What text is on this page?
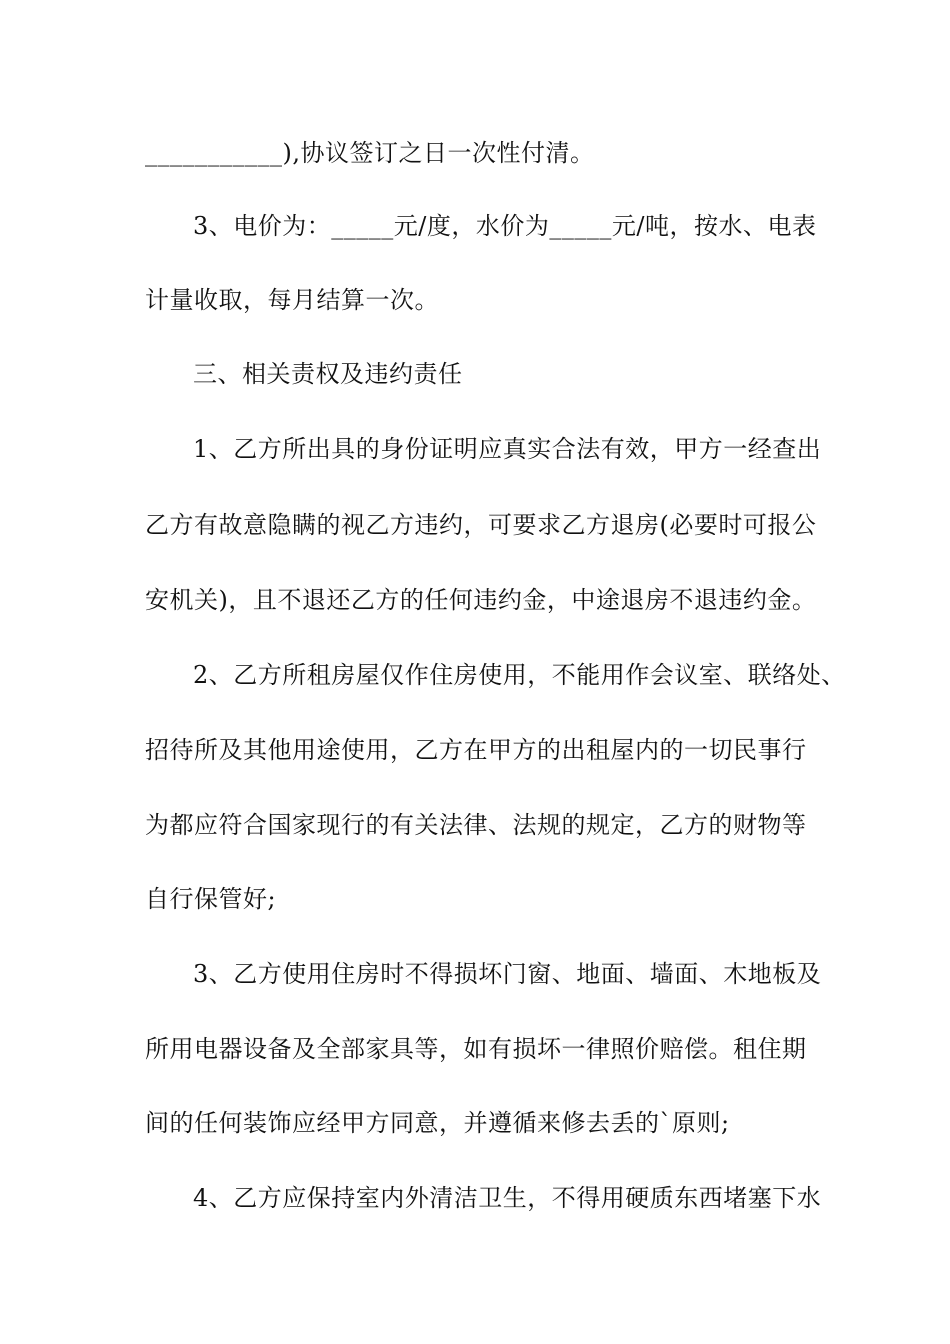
___________),协议签订之日一次性付清。
3、电价为：_____元/度，水价为_____元/吨，按水、电表
计量收取，每月结算一次。
三、相关责权及违约责任
1、乙方所出具的身份证明应真实合法有效，甲方一经查出
乙方有故意隐瞒的视乙方违约，可要求乙方退房(必要时可报公
安机关)，且不退还乙方的任何违约金，中途退房不退违约金。
2、乙方所租房屋仅作住房使用，不能用作会议室、联络处、
招待所及其他用途使用，乙方在甲方的出租屋内的一切民事行
为都应符合国家现行的有关法律、法规的规定，乙方的财物等
自行保管好;
3、乙方使用住房时不得损坏门窗、地面、墙面、木地板及
所用电器设备及全部家具等，如有损坏一律照价赔偿。租住期
间的任何装饰应经甲方同意，并遵循来修去丢的`原则;
4、乙方应保持室内外清洁卫生，不得用硬质东西堵塞下水
